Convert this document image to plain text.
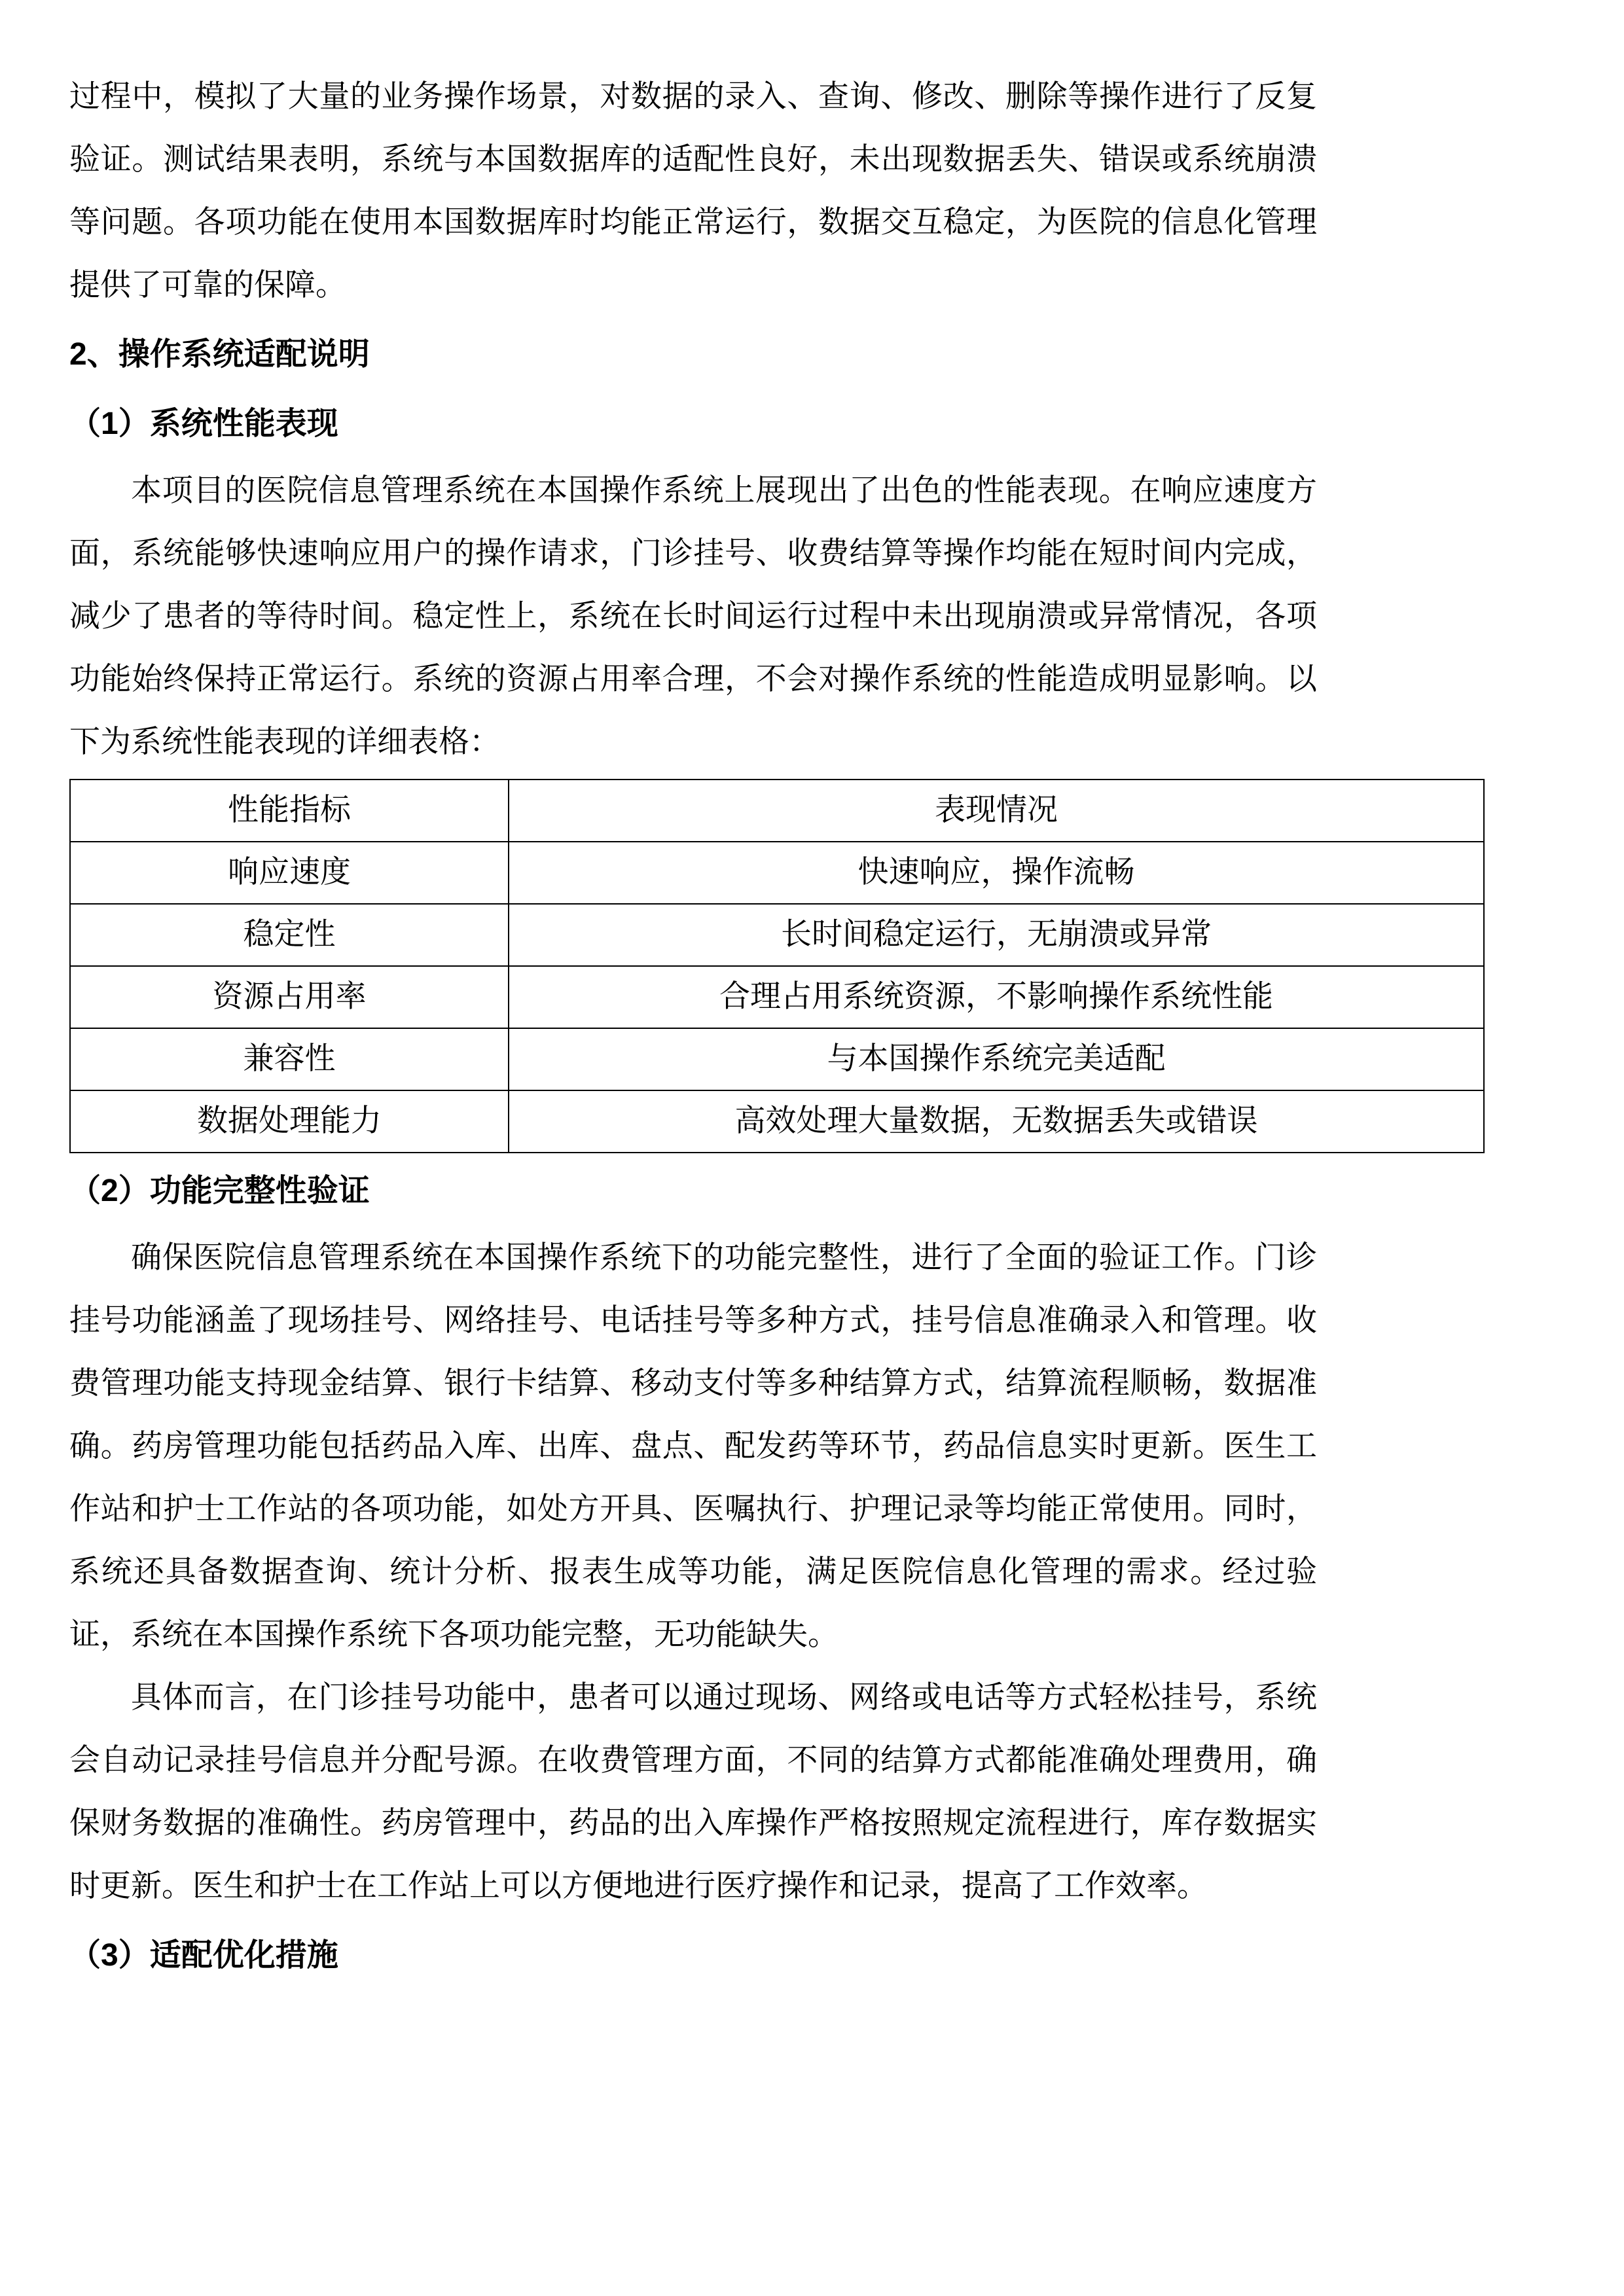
过程中，模拟了大量的业务操作场景，对数据的录入、查询、修改、删除等操作进行了反复验证。测试结果表明，系统与本国数据库的适配性良好，未出现数据丢失、错误或系统崩溃等问题。各项功能在使用本国数据库时均能正常运行，数据交互稳定，为医院的信息化管理提供了可靠的保障。

2、操作系统适配说明
（1）系统性能表现

本项目的医院信息管理系统在本国操作系统上展现出了出色的性能表现。在响应速度方面，系统能够快速响应用户的操作请求，门诊挂号、收费结算等操作均能在短时间内完成，减少了患者的等待时间。稳定性上，系统在长时间运行过程中未出现崩溃或异常情况，各项功能始终保持正常运行。系统的资源占用率合理，不会对操作系统的性能造成明显影响。以下为系统性能表现的详细表格：

性能指标	表现情况
响应速度	快速响应，操作流畅
稳定性	长时间稳定运行，无崩溃或异常
资源占用率	合理占用系统资源，不影响操作系统性能
兼容性	与本国操作系统完美适配
数据处理能力	高效处理大量数据，无数据丢失或错误
（2）功能完整性验证

确保医院信息管理系统在本国操作系统下的功能完整性，进行了全面的验证工作。门诊挂号功能涵盖了现场挂号、网络挂号、电话挂号等多种方式，挂号信息准确录入和管理。收费管理功能支持现金结算、银行卡结算、移动支付等多种结算方式，结算流程顺畅，数据准确。药房管理功能包括药品入库、出库、盘点、配发药等环节，药品信息实时更新。医生工作站和护士工作站的各项功能，如处方开具、医嘱执行、护理记录等均能正常使用。同时，系统还具备数据查询、统计分析、报表生成等功能，满足医院信息化管理的需求。经过验证，系统在本国操作系统下各项功能完整，无功能缺失。

具体而言，在门诊挂号功能中，患者可以通过现场、网络或电话等方式轻松挂号，系统会自动记录挂号信息并分配号源。在收费管理方面，不同的结算方式都能准确处理费用，确保财务数据的准确性。药房管理中，药品的出入库操作严格按照规定流程进行，库存数据实时更新。医生和护士在工作站上可以方便地进行医疗操作和记录，提高了工作效率。

（3）适配优化措施
